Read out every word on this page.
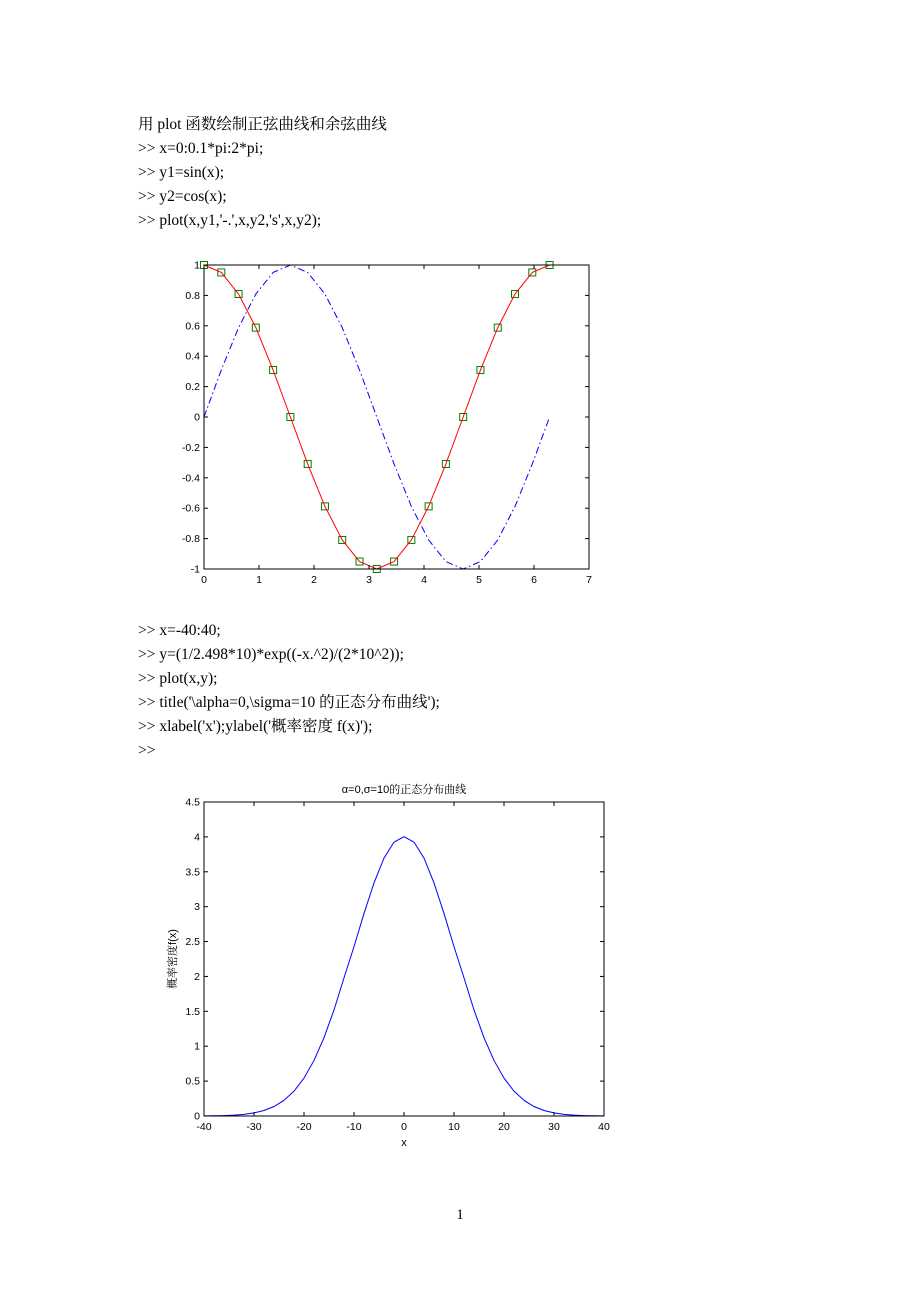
用 plot 函数绘制正弦曲线和余弦曲线
>> x=0:0.1*pi:2*pi;
>> y1=sin(x);
>> y2=cos(x);
>> plot(x,y1,'-.',x,y2,'s',x,y2);
0	1	2	3	4	5	6	7
-1
-0.8
-0.6
-0.4
-0.2
0
0.2
0.4
0.6
0.8
1
>> x=-40:40;
>> y=(1/2.498*10)*exp((-x.^2)/(2*10^2));
>> plot(x,y);
>> title('\alpha=0,\sigma=10 的正态分布曲线');
>> xlabel('x');ylabel('概率密度 f(x)');
>>
-40	-30	-20	-10	0	10	20	30	40
0
0.5
1
1.5
2
2.5
3
3.5
4
4.5
α=0,σ=10的正态分布曲线
x
概率密度f(x)
1
